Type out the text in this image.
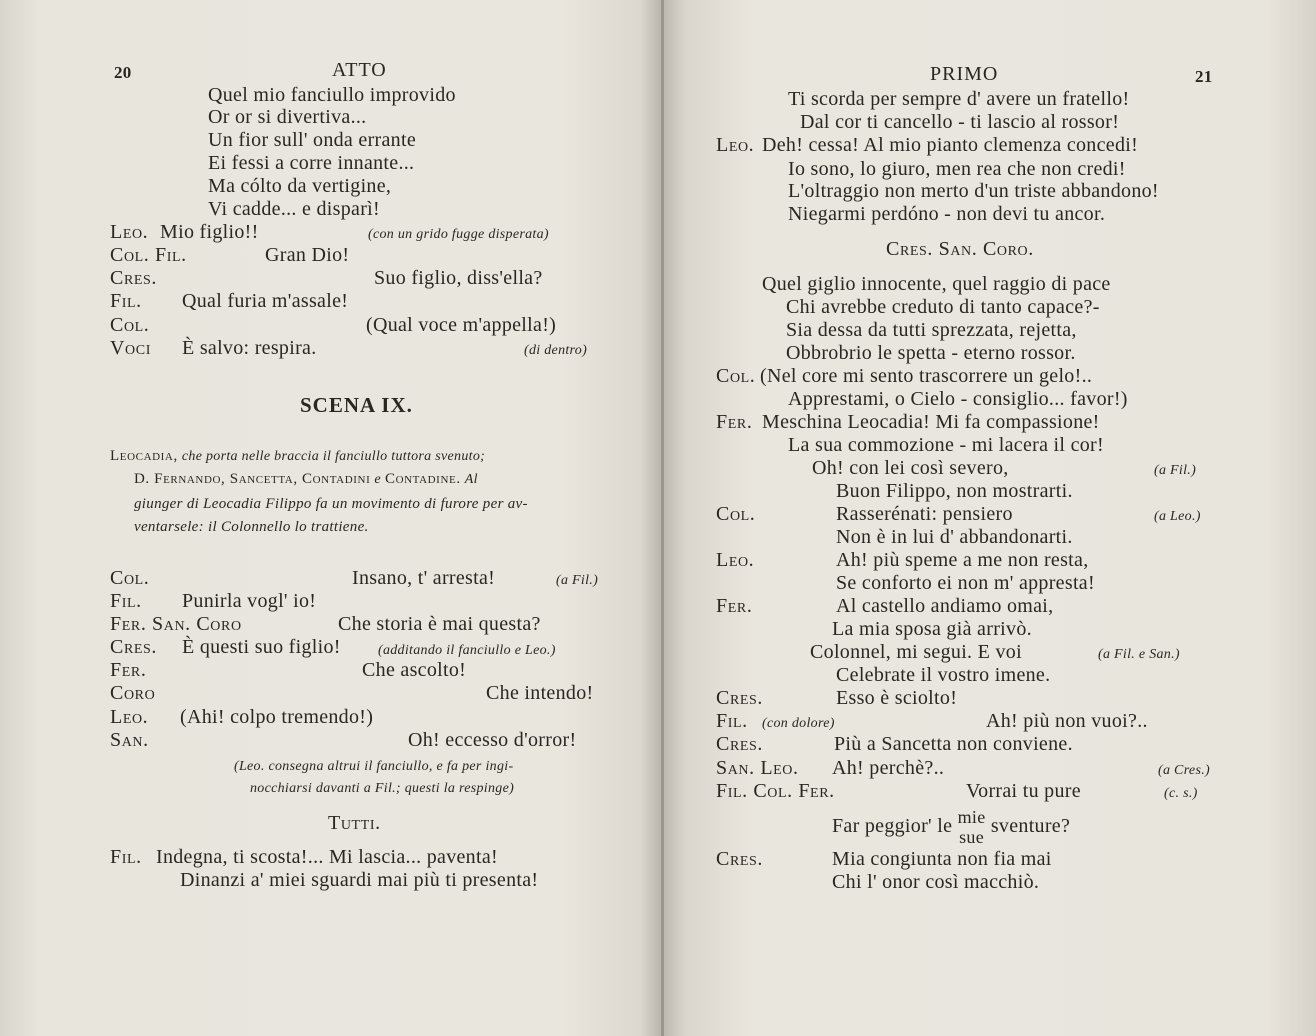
20	ATTO
Quel mio fanciullo improvido
Or or si divertiva...
Un fior sull' onda errante
Ei fessi a corre innante...
Ma cólto da vertigine,
Vi cadde... e disparì!
Leo. Mio figlio!!	(con un grido fugge disperata)
Col. Fil.	Gran Dio!
Cres.	Suo figlio, diss'ella?
Fil. Qual furia m'assale!
Col.	(Qual voce m'appella!)
Voci È salvo: respira.	(di dentro)
SCENA IX.
Leocadia, che porta nelle braccia il fanciullo tuttora svenuto;
D. Fernando, Sancetta, Contadini e Contadine. Al
giunger di Leocadia Filippo fa un movimento di furore per av-
ventarsele: il Colonnello lo trattiene.
Col.	Insano, t' arresta!	(a Fil.)
Fil. Punirla vogl' io!
Fer. San. Coro	Che storia è mai questa?
Cres. È questi suo figlio!	(additando il fanciullo e Leo.)
Fer.	Che ascolto!
Coro	Che intendo!
Leo. (Ahi! colpo tremendo!)
San.	Oh! eccesso d'orror!
(Leo. consegna altrui il fanciullo, e fa per ingi-
nocchiarsi davanti a Fil.; questi la respinge)
Tutti.
Fil. Indegna, ti scosta!... Mi lascia... paventa!
Dinanzi a' miei sguardi mai più ti presenta!
PRIMO	21
Ti scorda per sempre d' avere un fratello!
Dal cor ti cancello - ti lascio al rossor!
Leo. Deh! cessa! Al mio pianto clemenza concedi!
Io sono, lo giuro, men rea che non credi!
L'oltraggio non merto d'un triste abbandono!
Niegarmi perdóno - non devi tu ancor.
Cres. San. Coro.
Quel giglio innocente, quel raggio di pace
Chi avrebbe creduto di tanto capace?-
Sia dessa da tutti sprezzata, rejetta,
Obbrobrio le spetta - eterno rossor.
Col. (Nel core mi sento trascorrere un gelo!..
Apprestami, o Cielo - consiglio... favor!)
Fer. Meschina Leocadia! Mi fa compassione!
La sua commozione - mi lacera il cor!
Oh! con lei così severo,	(a Fil.)
Buon Filippo, non mostrarti.
Col.	Rasserénati: pensiero	(a Leo.)
Non è in lui d' abbandonarti.
Leo.	Ah! più speme a me non resta,
Se conforto ei non m' appresta!
Fer.	Al castello andiamo omai,
La mia sposa già arrivò.
Colonnel, mi segui. E voi	(a Fil. e San.)
Celebrate il vostro imene.
Cres.	Esso è sciolto!
Fil. (con dolore)	Ah! più non vuoi?..
Cres.	Più a Sancetta non conviene.
San. Leo. Ah! perchè?..	(a Cres.)
Fil. Col. Fer.	Vorrai tu pure	(c. s.)
Far peggior' le mie
sue
sventure?
Cres.	Mia congiunta non fia mai
Chi l' onor così macchiò.
